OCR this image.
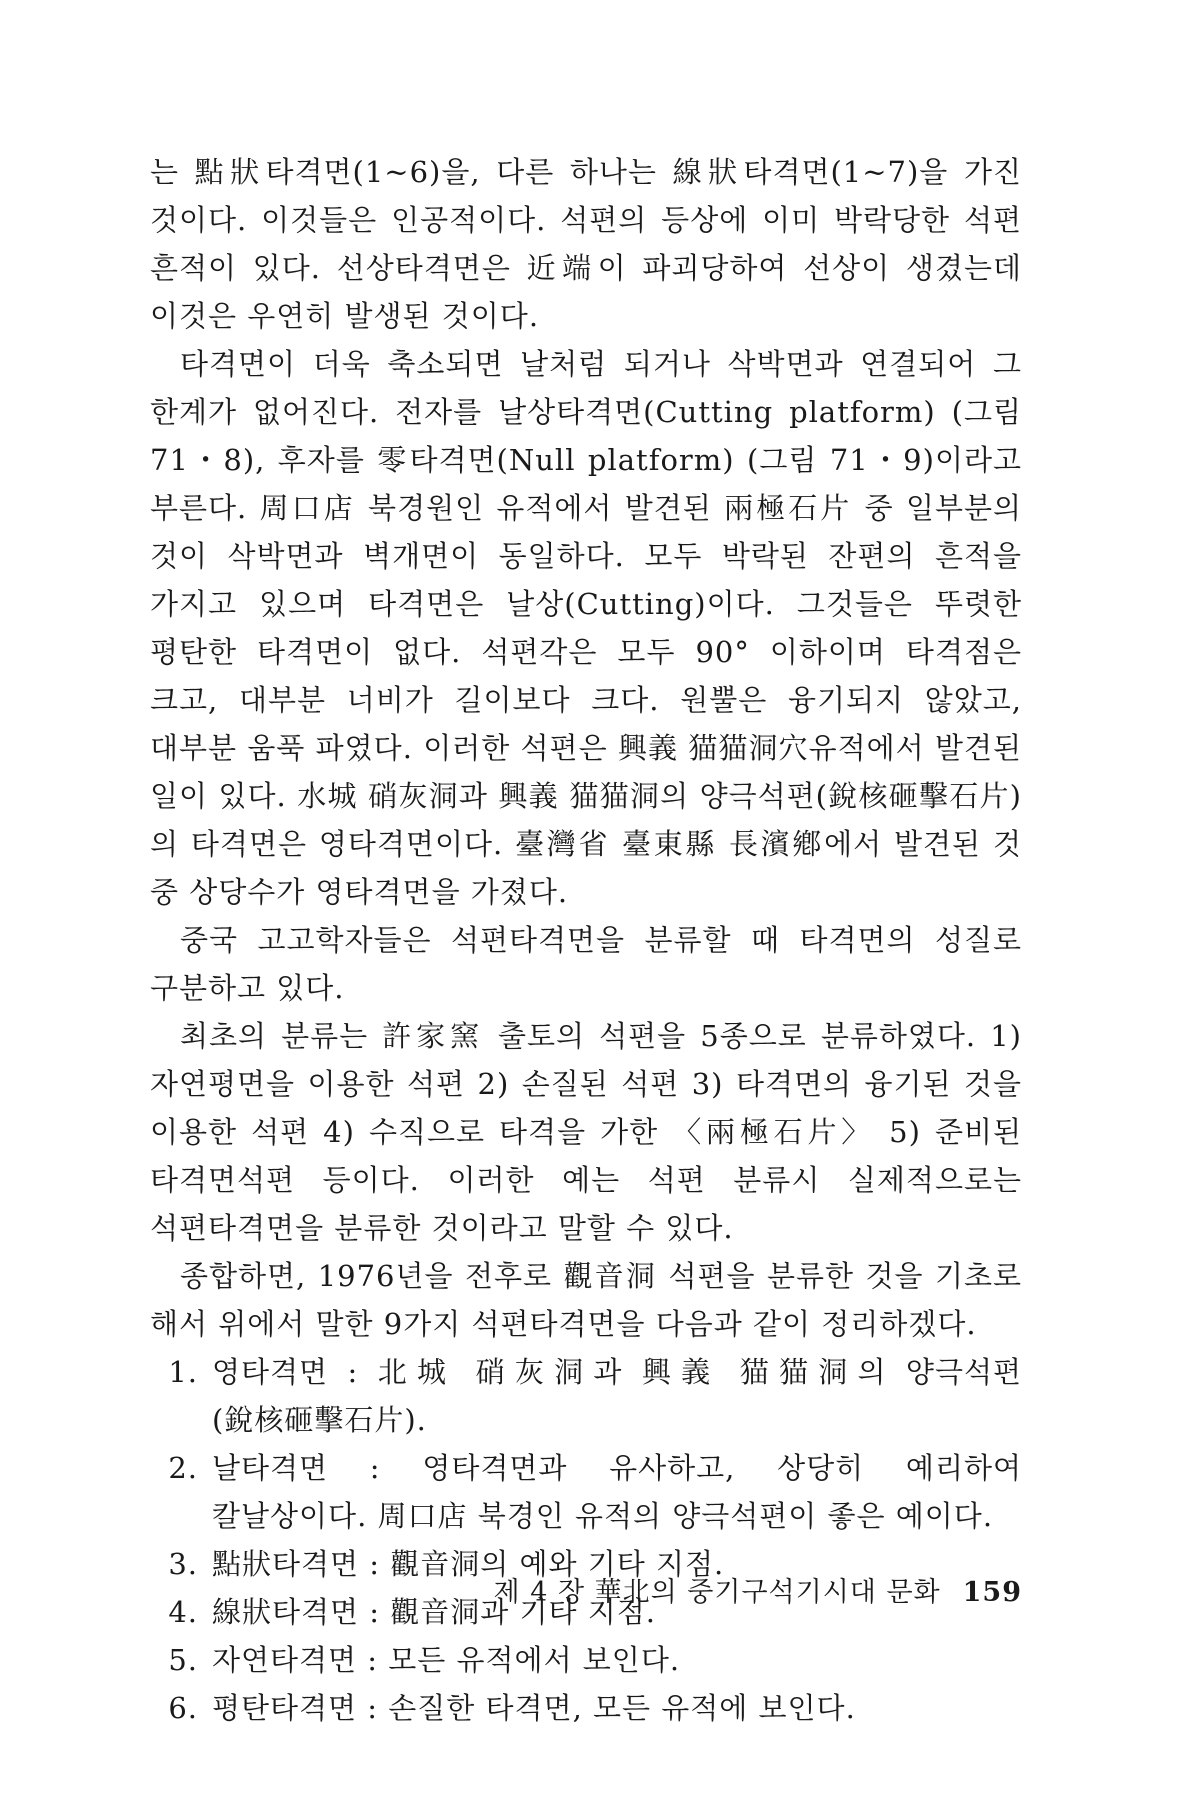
는 點狀타격면(1~6)을, 다른 하나는 線狀타격면(1~7)을 가진 것이다. 이것들은 인공적이다. 석편의 등상에 이미 박락당한 석편 흔적이 있다. 선상타격면은 近端이 파괴당하여 선상이 생겼는데 이것은 우연히 발생된 것이다.

타격면이 더욱 축소되면 날처럼 되거나 삭박면과 연결되어 그 한계가 없어진다. 전자를 날상타격면(Cutting platform) (그림 71・8), 후자를 零타격면(Null platform) (그림 71・9)이라고 부른다. 周口店 북경원인 유적에서 발견된 兩極石片 중 일부분의 것이 삭박면과 벽개면이 동일하다. 모두 박락된 잔편의 흔적을 가지고 있으며 타격면은 날상(Cutting)이다. 그것들은 뚜렷한 평탄한 타격면이 없다. 석편각은 모두 90° 이하이며 타격점은 크고, 대부분 너비가 길이보다 크다. 원뿔은 융기되지 않았고, 대부분 움푹 파였다. 이러한 석편은 興義 猫猫洞穴유적에서 발견된 일이 있다. 水城 硝灰洞과 興義 猫猫洞의 양극석편(銳核砸擊石片)의 타격면은 영타격면이다. 臺灣省 臺東縣 長濱鄕에서 발견된 것 중 상당수가 영타격면을 가졌다.

중국 고고학자들은 석편타격면을 분류할 때 타격면의 성질로 구분하고 있다.

최초의 분류는 許家窯 출토의 석편을 5종으로 분류하였다. 1) 자연평면을 이용한 석편 2) 손질된 석편 3) 타격면의 융기된 것을 이용한 석편 4) 수직으로 타격을 가한 〈兩極石片〉 5) 준비된 타격면석편 등이다. 이러한 예는 석편 분류시 실제적으로는 석편타격면을 분류한 것이라고 말할 수 있다.

종합하면, 1976년을 전후로 觀音洞 석편을 분류한 것을 기초로 해서 위에서 말한 9가지 석편타격면을 다음과 같이 정리하겠다.

1. 영타격면 : 北城 硝灰洞과 興義 猫猫洞의 양극석편(銳核砸擊石片).
2. 날타격면 : 영타격면과 유사하고, 상당히 예리하여 칼날상이다. 周口店 북경인 유적의 양극석편이 좋은 예이다.
3. 點狀타격면 : 觀音洞의 예와 기타 지점.
4. 線狀타격면 : 觀音洞과 기타 지점.
5. 자연타격면 : 모든 유적에서 보인다.
6. 평탄타격면 : 손질한 타격면, 모든 유적에 보인다.
제 4 장 華北의 중기구석기시대 문화 159
